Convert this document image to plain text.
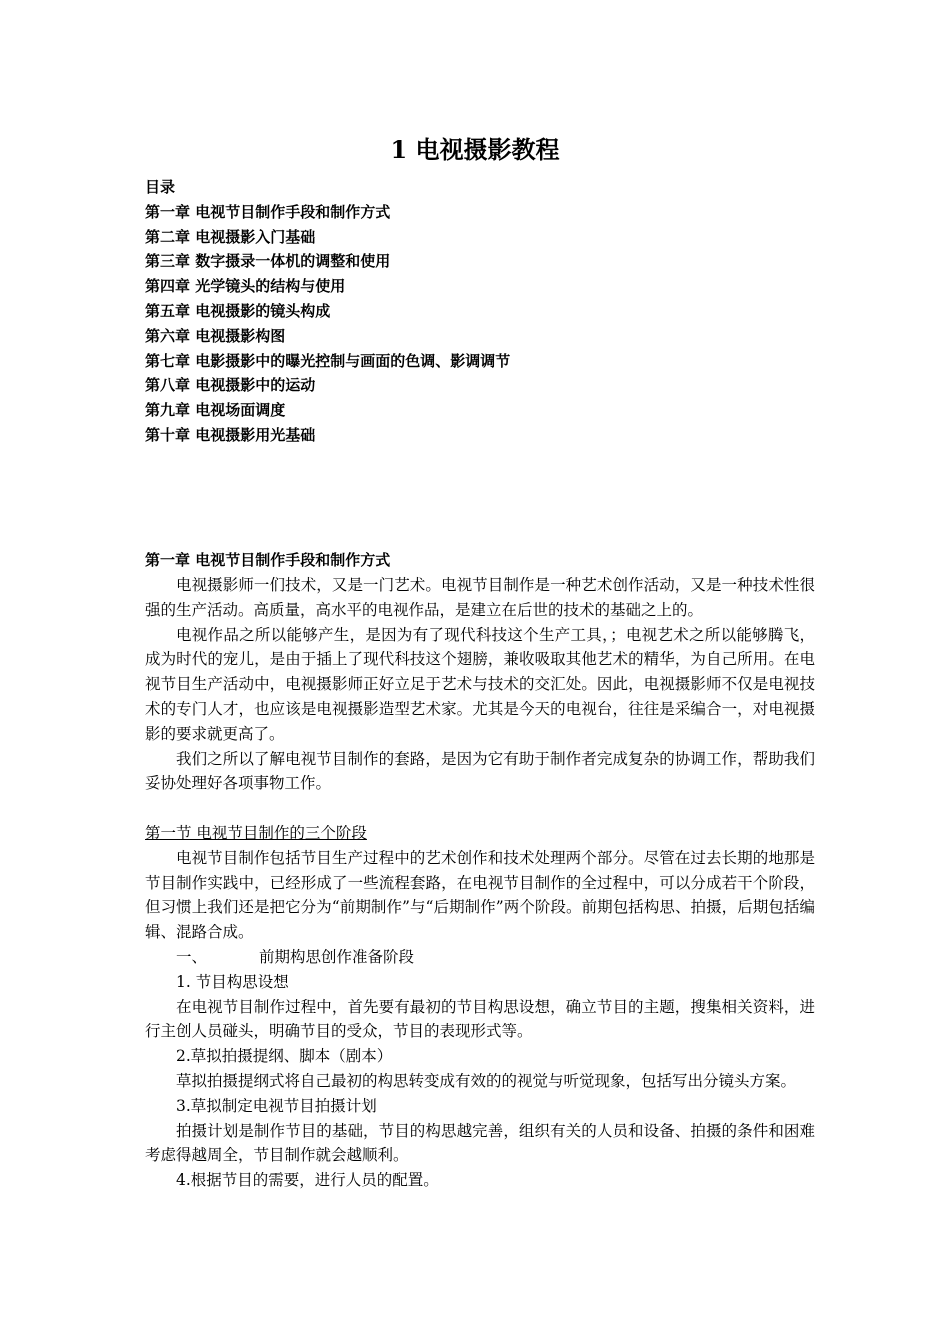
1 电视摄影教程

目录

第一章 电视节目制作手段和制作方式

第二章 电视摄影入门基础

第三章 数字摄录一体机的调整和使用

第四章 光学镜头的结构与使用

第五章 电视摄影的镜头构成

第六章 电视摄影构图

第七章 电影摄影中的曝光控制与画面的色调、影调调节

第八章 电视摄影中的运动

第九章 电视场面调度

第十章 电视摄影用光基础

第一章 电视节目制作手段和制作方式

电视摄影师一们技术，又是一门艺术。电视节目制作是一种艺术创作活动，又是一种技术性很强的生产活动。高质量，高水平的电视作品，是建立在后世的技术的基础之上的。

电视作品之所以能够产生，是因为有了现代科技这个生产工具，；电视艺术之所以能够腾飞，成为时代的宠儿，是由于插上了现代科技这个翅膀，兼收吸取其他艺术的精华，为自己所用。在电视节目生产活动中，电视摄影师正好立足于艺术与技术的交汇处。因此，电视摄影师不仅是电视技术的专门人才，也应该是电视摄影造型艺术家。尤其是今天的电视台，往往是采编合一，对电视摄影的要求就更高了。

我们之所以了解电视节目制作的套路，是因为它有助于制作者完成复杂的协调工作，帮助我们妥协处理好各项事物工作。

第一节 电视节目制作的三个阶段

电视节目制作包括节目生产过程中的艺术创作和技术处理两个部分。尽管在过去长期的地那是节目制作实践中，已经形成了一些流程套路，在电视节目制作的全过程中，可以分成若干个阶段，但习惯上我们还是把它分为“前期制作”与“后期制作”两个阶段。前期包括构思、拍摄，后期包括编辑、混路合成。

一、	前期构思创作准备阶段

1. 节目构思设想

在电视节目制作过程中，首先要有最初的节目构思设想，确立节目的主题，搜集相关资料，进行主创人员碰头，明确节目的受众，节目的表现形式等。

2.草拟拍摄提纲、脚本（剧本）

草拟拍摄提纲式将自己最初的构思转变成有效的的视觉与听觉现象，包括写出分镜头方案。

3.草拟制定电视节目拍摄计划

拍摄计划是制作节目的基础，节目的构思越完善，组织有关的人员和设备、拍摄的条件和困难考虑得越周全，节目制作就会越顺利。

4.根据节目的需要，进行人员的配置。
